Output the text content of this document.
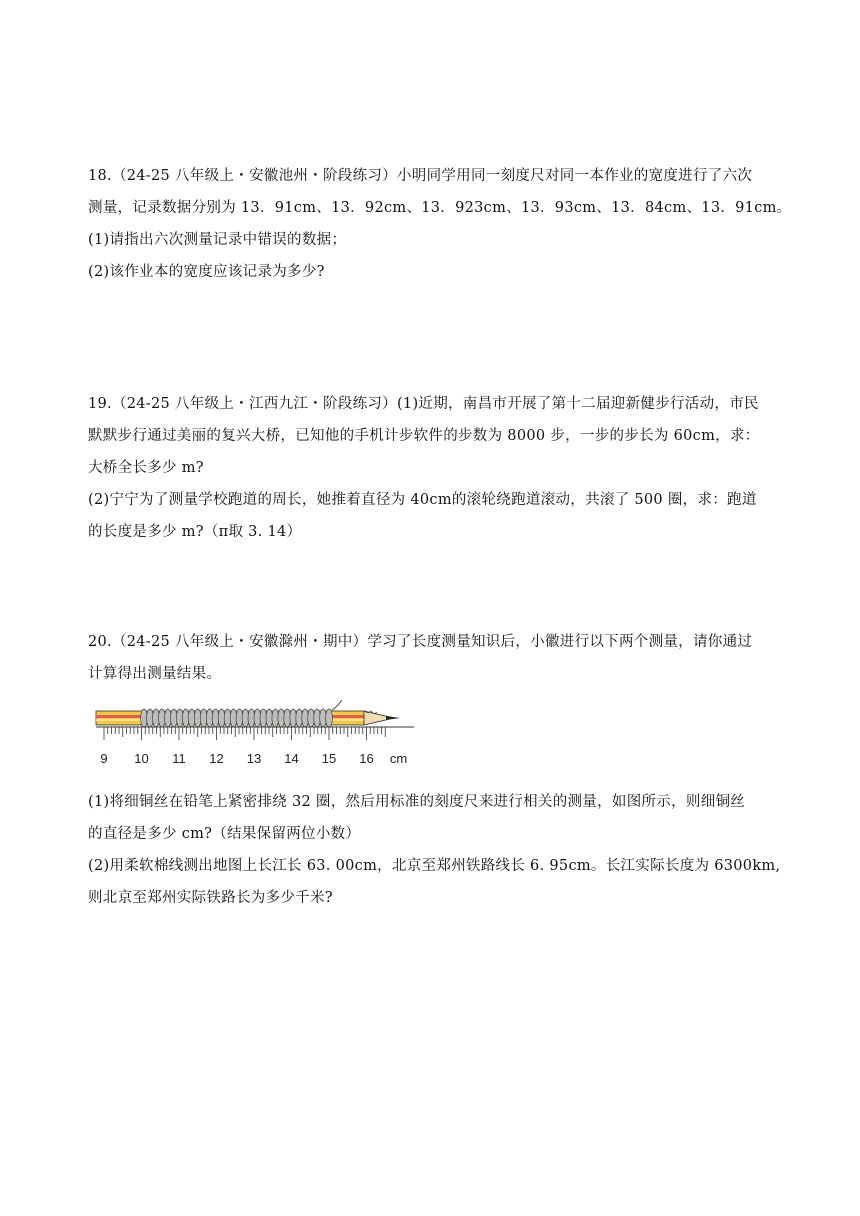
18.（24-25 八年级上・安徽池州・阶段练习）小明同学用同一刻度尺对同一本作业的宽度进行了六次
测量，记录数据分别为 13．91cm、13．92cm、13．923cm、13．93cm、13．84cm、13．91cm。
(1)请指出六次测量记录中错误的数据；
(2)该作业本的宽度应该记录为多少?
19.（24-25 八年级上・江西九江・阶段练习）(1)近期，南昌市开展了第十二届迎新健步行活动，市民
默默步行通过美丽的复兴大桥，已知他的手机计步软件的步数为 8000 步，一步的步长为 60cm，求：
大桥全长多少 m?
(2)宁宁为了测量学校跑道的周长，她推着直径为 40cm的滚轮绕跑道滚动，共滚了 500 圈，求：跑道
的长度是多少 m?（π取 3. 14）
20.（24-25 八年级上・安徽滁州・期中）学习了长度测量知识后，小徽进行以下两个测量，请你通过
计算得出测量结果。
9 10 11 12 13 14 15 16 cm
(1)将细铜丝在铅笔上紧密排绕 32 圈，然后用标准的刻度尺来进行相关的测量，如图所示，则细铜丝
的直径是多少 cm?（结果保留两位小数）
(2)用柔软棉线测出地图上长江长 63. 00cm，北京至郑州铁路线长 6. 95cm。长江实际长度为 6300km,
则北京至郑州实际铁路长为多少千米?
